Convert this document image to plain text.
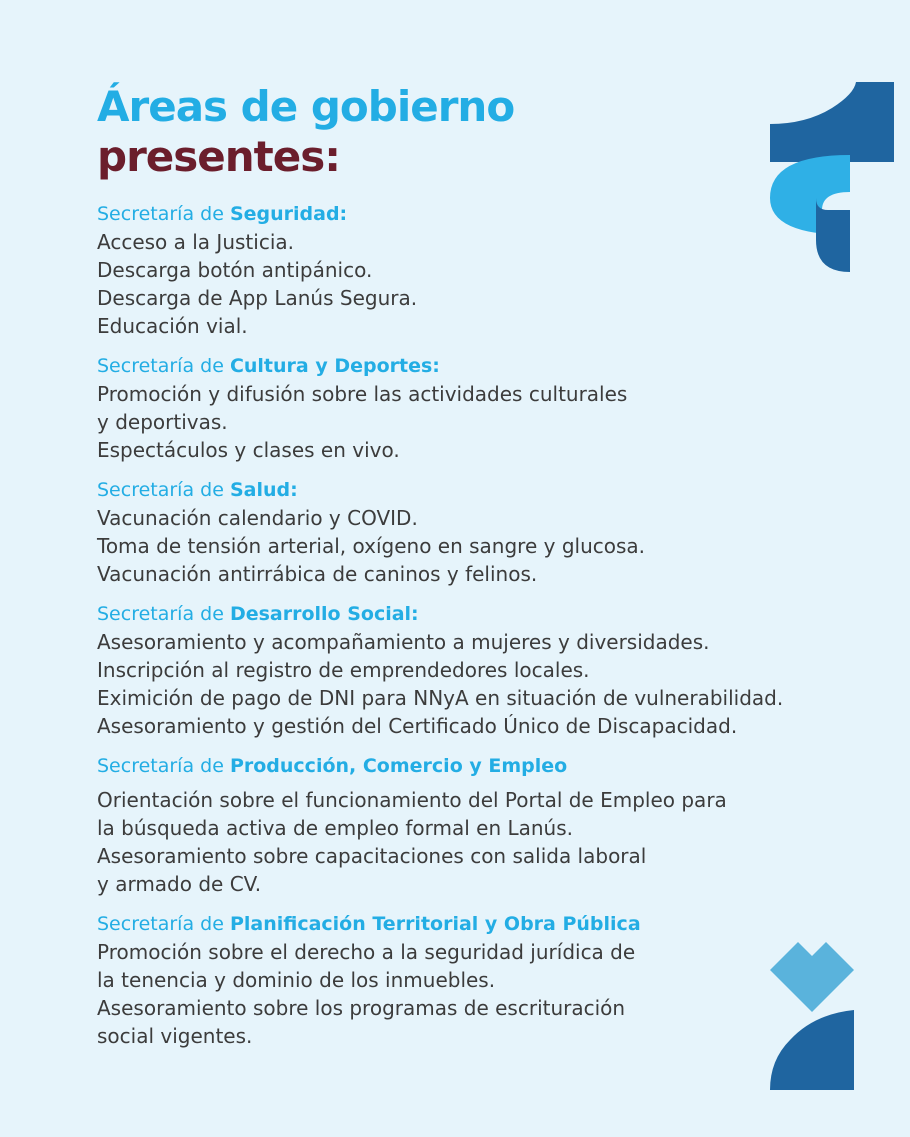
Áreas de gobierno
presentes:
Secretaría de Seguridad:
Acceso a la Justicia.
Descarga botón antipánico.
Descarga de App Lanús Segura.
Educación vial.
Secretaría de Cultura y Deportes:
Promoción y difusión sobre las actividades culturales
y deportivas.
Espectáculos y clases en vivo.
Secretaría de Salud:
Vacunación calendario y COVID.
Toma de tensión arterial, oxígeno en sangre y glucosa.
Vacunación antirrábica de caninos y felinos.
Secretaría de Desarrollo Social:
Asesoramiento y acompañamiento a mujeres y diversidades.
Inscripción al registro de emprendedores locales.
Eximición de pago de DNI para NNyA en situación de vulnerabilidad.
Asesoramiento y gestión del Certificado Único de Discapacidad.
Secretaría de Producción, Comercio y Empleo
Orientación sobre el funcionamiento del Portal de Empleo para
la búsqueda activa de empleo formal en Lanús.
Asesoramiento sobre capacitaciones con salida laboral
y armado de CV.
Secretaría de Planificación Territorial y Obra Pública
Promoción sobre el derecho a la seguridad jurídica de
la tenencia y dominio de los inmuebles.
Asesoramiento sobre los programas de escrituración
social vigentes.
